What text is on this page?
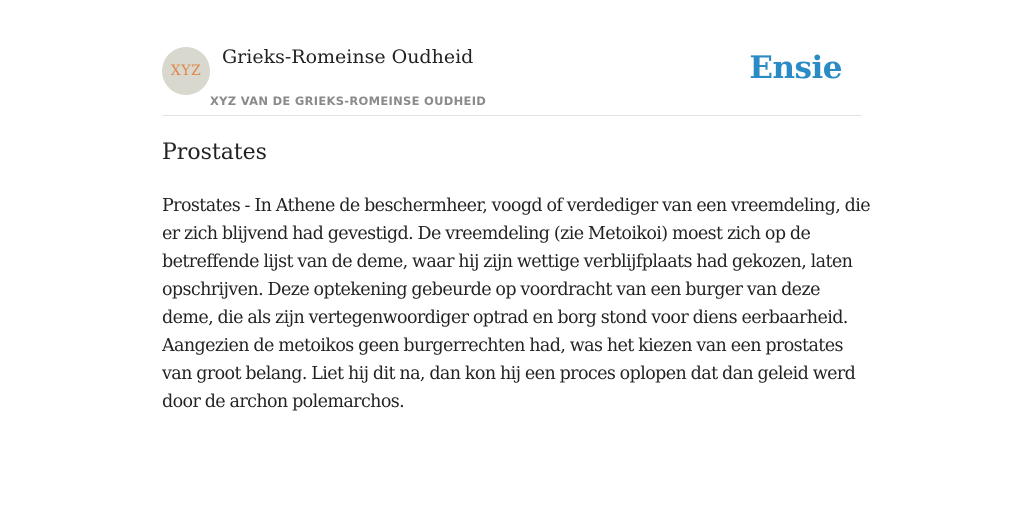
XYZ
Grieks-Romeinse Oudheid
XYZ VAN DE GRIEKS-ROMEINSE OUDHEID
Ensie
Prostates

Prostates - In Athene de beschermheer, voogd of verdediger van een vreemdeling, die er zich blijvend had gevestigd. De vreemdeling (zie Metoikoi) moest zich op de betreffende lijst van de deme, waar hij zijn wettige verblijfplaats had gekozen, laten opschrijven. Deze optekening gebeurde op voordracht van een burger van deze deme, die als zijn vertegenwoordiger optrad en borg stond voor diens eerbaarheid. Aangezien de metoikos geen burgerrechten had, was het kiezen van een prostates van groot belang. Liet hij dit na, dan kon hij een proces oplopen dat dan geleid werd door de archon polemarchos.
